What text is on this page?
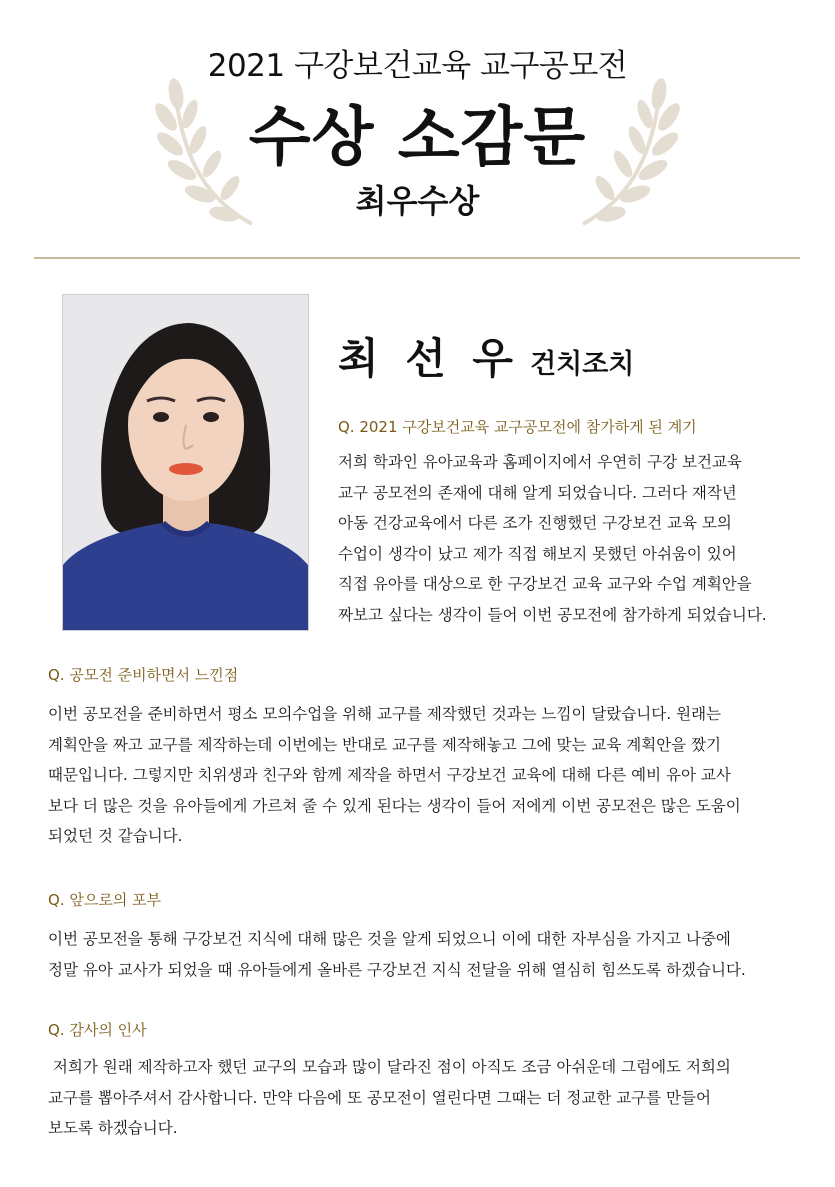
2021 구강보건교육 교구공모전
수상 소감문
최우수상
최 선 우 건치조치
Q. 2021 구강보건교육 교구공모전에 참가하게 된 계기
저희 학과인 유아교육과 홈페이지에서 우연히 구강 보건교육
교구 공모전의 존재에 대해 알게 되었습니다. 그러다 재작년
아동 건강교육에서 다른 조가 진행했던 구강보건 교육 모의
수업이 생각이 났고 제가 직접 해보지 못했던 아쉬움이 있어
직접 유아를 대상으로 한 구강보건 교육 교구와 수업 계획안을
짜보고 싶다는 생각이 들어 이번 공모전에 참가하게 되었습니다.
Q. 공모전 준비하면서 느낀점
이번 공모전을 준비하면서 평소 모의수업을 위해 교구를 제작했던 것과는 느낌이 달랐습니다. 원래는
계획안을 짜고 교구를 제작하는데 이번에는 반대로 교구를 제작해놓고 그에 맞는 교육 계획안을 짰기
때문입니다. 그렇지만 치위생과 친구와 함께 제작을 하면서 구강보건 교육에 대해 다른 예비 유아 교사
보다 더 많은 것을 유아들에게 가르쳐 줄 수 있게 된다는 생각이 들어 저에게 이번 공모전은 많은 도움이
되었던 것 같습니다.
Q. 앞으로의 포부
이번 공모전을 통해 구강보건 지식에 대해 많은 것을 알게 되었으니 이에 대한 자부심을 가지고 나중에
정말 유아 교사가 되었을 때 유아들에게 올바른 구강보건 지식 전달을 위해 열심히 힘쓰도록 하겠습니다.
Q. 감사의 인사
저희가 원래 제작하고자 했던 교구의 모습과 많이 달라진 점이 아직도 조금 아쉬운데 그럼에도 저희의
교구를 뽑아주셔서 감사합니다. 만약 다음에 또 공모전이 열린다면 그때는 더 정교한 교구를 만들어
보도록 하겠습니다.
